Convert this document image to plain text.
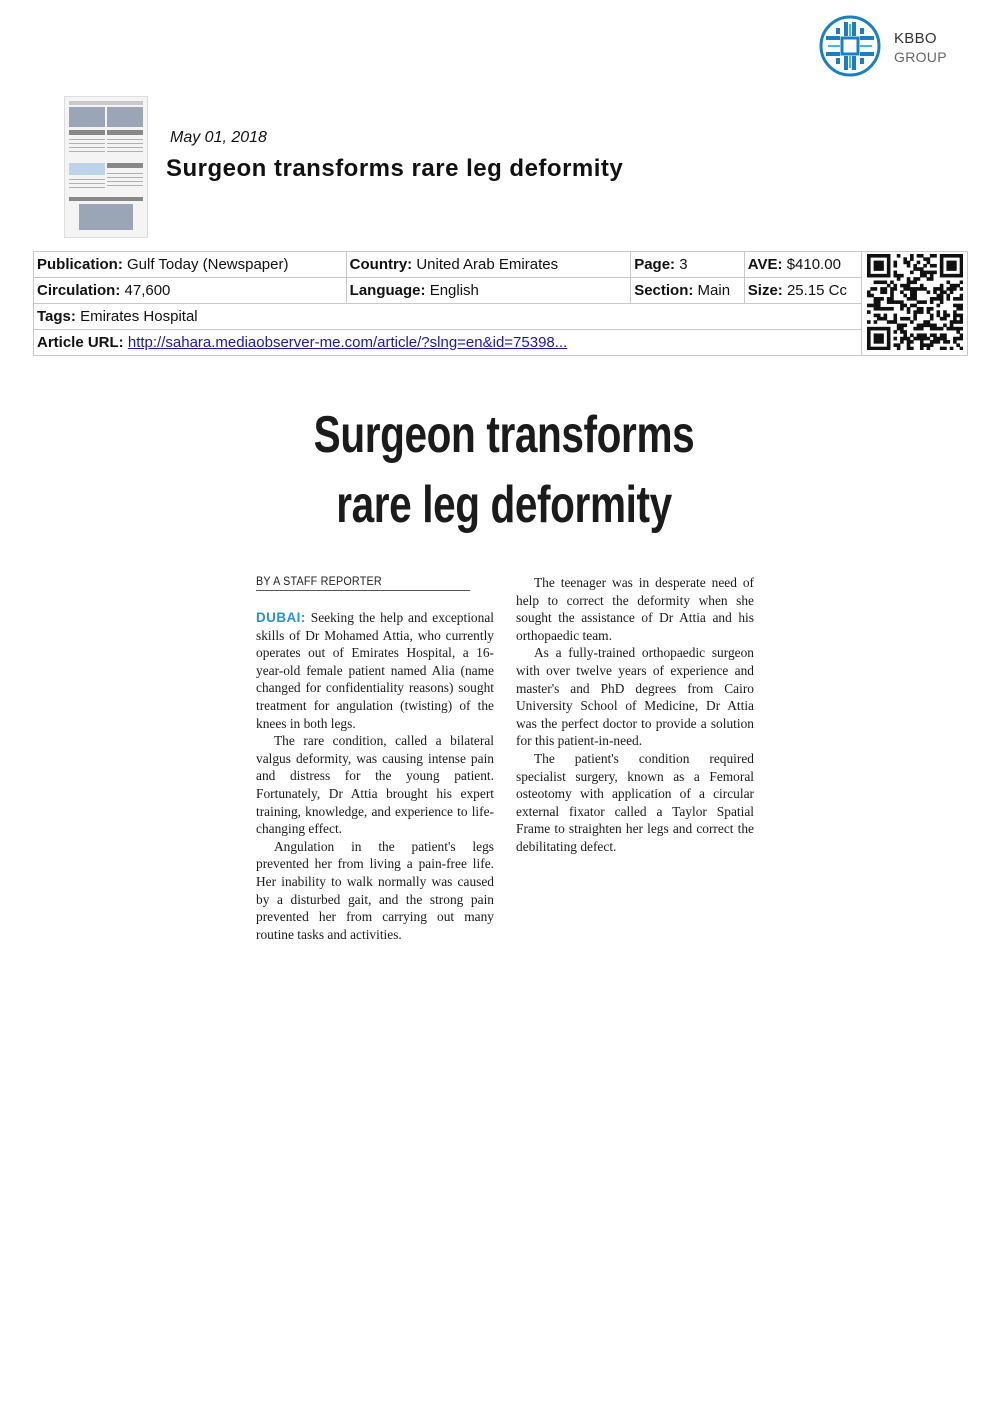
KBBO
GROUP
May 01, 2018
Surgeon transforms rare leg deformity
Publication: Gulf Today (Newspaper)	Country: United Arab Emirates	Page: 3	AVE: $410.00	
Circulation: 47,600	Language: English	Section: Main	Size: 25.15 Cc	
Tags: Emirates Hospital				
Article URL: http://sahara.mediaobserver-me.com/article/?slng=en&id=75398...				
Surgeon transforms
rare leg deformity
BY A STAFF REPORTER

DUBAI: Seeking the help and exceptional skills of Dr Mohamed Attia, who currently operates out of Emirates Hospital, a 16-year-old female patient named Alia (name changed for confidentiality reasons) sought treatment for angulation (twisting) of the knees in both legs.

The rare condition, called a bilateral valgus deformity, was causing intense pain and distress for the young patient. Fortunately, Dr Attia brought his expert training, knowledge, and experience to life-changing effect.

Angulation in the patient's legs prevented her from living a pain-free life. Her inability to walk normally was caused by a disturbed gait, and the strong pain prevented her from carrying out many routine tasks and activities.

The teenager was in desperate need of help to correct the deformity when she sought the assistance of Dr Attia and his orthopaedic team.

As a fully-trained orthopaedic surgeon with over twelve years of experience and master's and PhD degrees from Cairo University School of Medicine, Dr Attia was the perfect doctor to provide a solution for this patient-in-need.

The patient's condition required specialist surgery, known as a Femoral osteotomy with application of a circular external fixator called a Taylor Spatial Frame to straighten her legs and correct the debilitating defect.
